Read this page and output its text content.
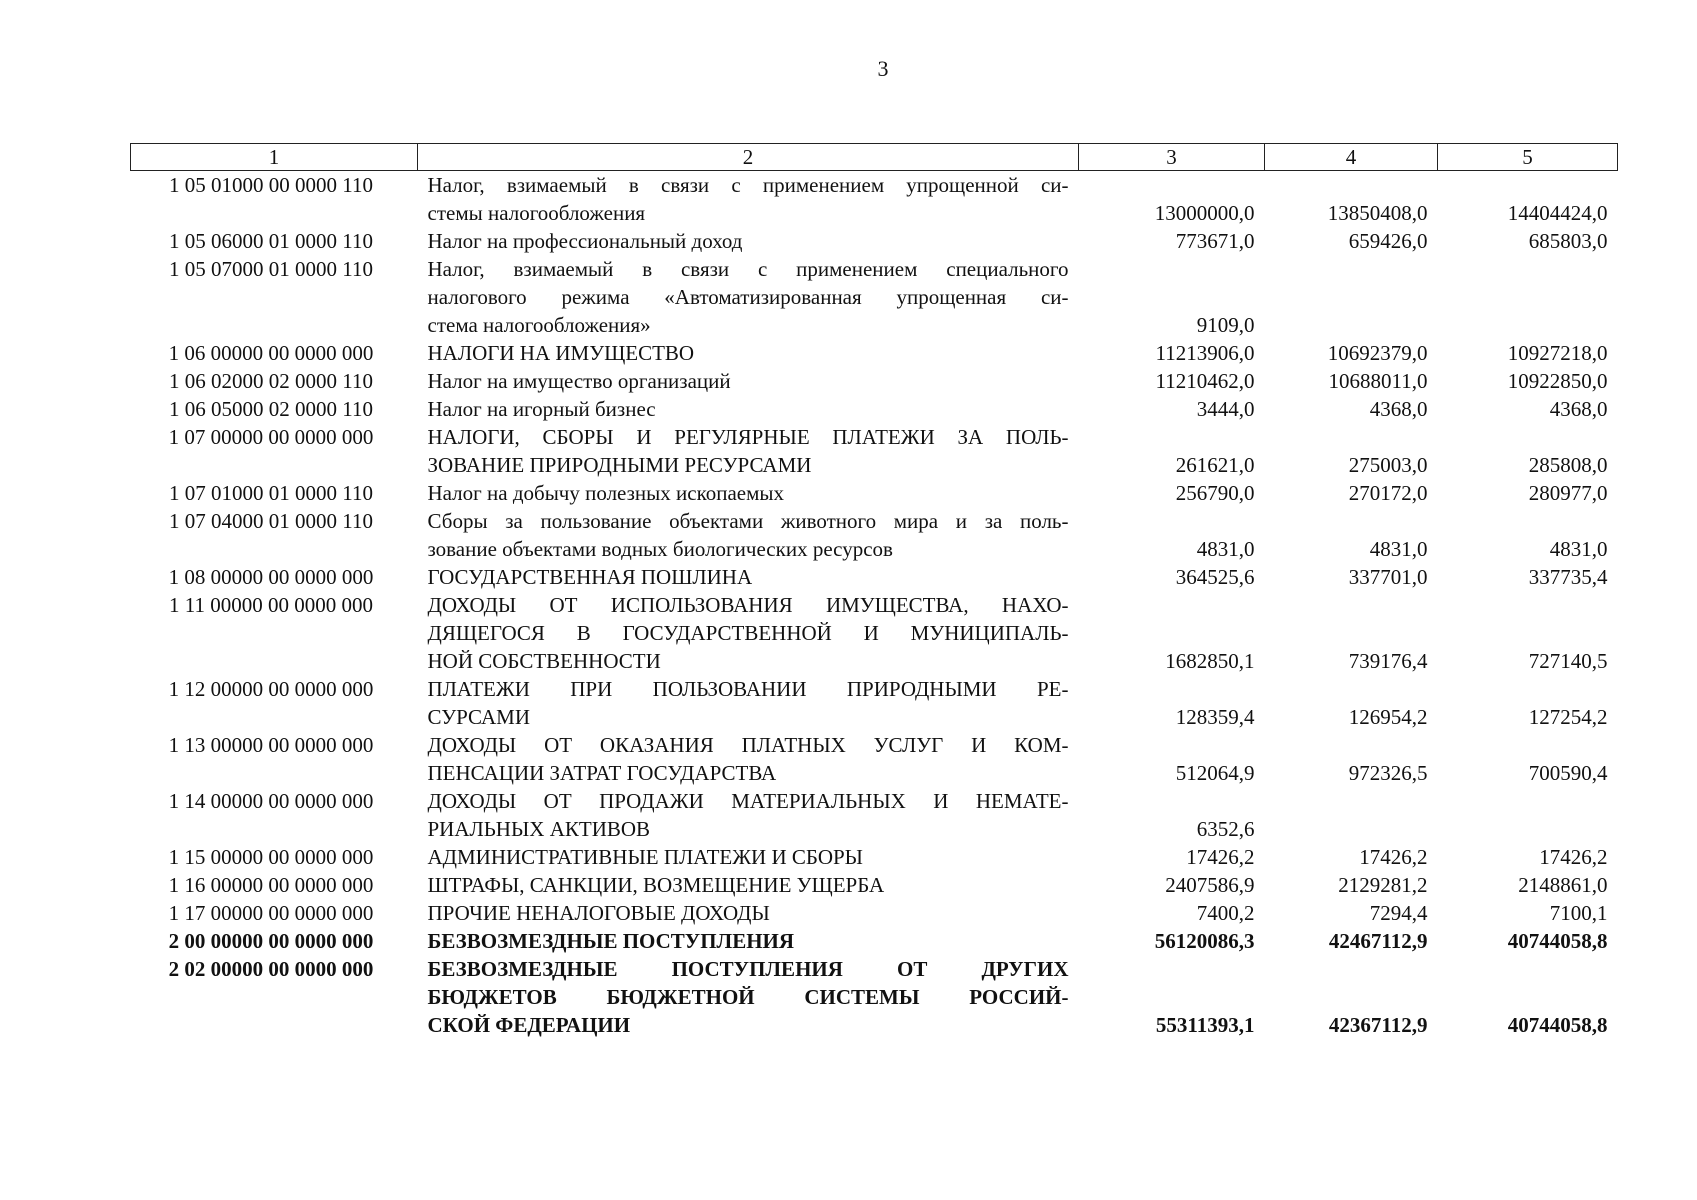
3
1	2	3	4	5
1 05 01000 00 0000 110	Налог, взимаемый в связи с применением упрощенной си-
стемы налогообложения	13000000,0	13850408,0	14404424,0
1 05 06000 01 0000 110	Налог на профессиональный доход	773671,0	659426,0	685803,0
1 05 07000 01 0000 110	Налог, взимаемый в связи с применением специального
налогового режима «Автоматизированная упрощенная си-
стема налогообложения»	9109,0		
1 06 00000 00 0000 000	НАЛОГИ НА ИМУЩЕСТВО	11213906,0	10692379,0	10927218,0
1 06 02000 02 0000 110	Налог на имущество организаций	11210462,0	10688011,0	10922850,0
1 06 05000 02 0000 110	Налог на игорный бизнес	3444,0	4368,0	4368,0
1 07 00000 00 0000 000	НАЛОГИ, СБОРЫ И РЕГУЛЯРНЫЕ ПЛАТЕЖИ ЗА ПОЛЬ-
ЗОВАНИЕ ПРИРОДНЫМИ РЕСУРСАМИ	261621,0	275003,0	285808,0
1 07 01000 01 0000 110	Налог на добычу полезных ископаемых	256790,0	270172,0	280977,0
1 07 04000 01 0000 110	Сборы за пользование объектами животного мира и за поль-
зование объектами водных биологических ресурсов	4831,0	4831,0	4831,0
1 08 00000 00 0000 000	ГОСУДАРСТВЕННАЯ ПОШЛИНА	364525,6	337701,0	337735,4
1 11 00000 00 0000 000	ДОХОДЫ ОТ ИСПОЛЬЗОВАНИЯ ИМУЩЕСТВА, НАХО-
ДЯЩЕГОСЯ В ГОСУДАРСТВЕННОЙ И МУНИЦИПАЛЬ-
НОЙ СОБСТВЕННОСТИ	1682850,1	739176,4	727140,5
1 12 00000 00 0000 000	ПЛАТЕЖИ ПРИ ПОЛЬЗОВАНИИ ПРИРОДНЫМИ РЕ-
СУРСАМИ	128359,4	126954,2	127254,2
1 13 00000 00 0000 000	ДОХОДЫ ОТ ОКАЗАНИЯ ПЛАТНЫХ УСЛУГ И КОМ-
ПЕНСАЦИИ ЗАТРАТ ГОСУДАРСТВА	512064,9	972326,5	700590,4
1 14 00000 00 0000 000	ДОХОДЫ ОТ ПРОДАЖИ МАТЕРИАЛЬНЫХ И НЕМАТЕ-
РИАЛЬНЫХ АКТИВОВ	6352,6		
1 15 00000 00 0000 000	АДМИНИСТРАТИВНЫЕ ПЛАТЕЖИ И СБОРЫ	17426,2	17426,2	17426,2
1 16 00000 00 0000 000	ШТРАФЫ, САНКЦИИ, ВОЗМЕЩЕНИЕ УЩЕРБА	2407586,9	2129281,2	2148861,0
1 17 00000 00 0000 000	ПРОЧИЕ НЕНАЛОГОВЫЕ ДОХОДЫ	7400,2	7294,4	7100,1
2 00 00000 00 0000 000	БЕЗВОЗМЕЗДНЫЕ ПОСТУПЛЕНИЯ	56120086,3	42467112,9	40744058,8
2 02 00000 00 0000 000	БЕЗВОЗМЕЗДНЫЕ ПОСТУПЛЕНИЯ ОТ ДРУГИХ
БЮДЖЕТОВ БЮДЖЕТНОЙ СИСТЕМЫ РОССИЙ-
СКОЙ ФЕДЕРАЦИИ	55311393,1	42367112,9	40744058,8
